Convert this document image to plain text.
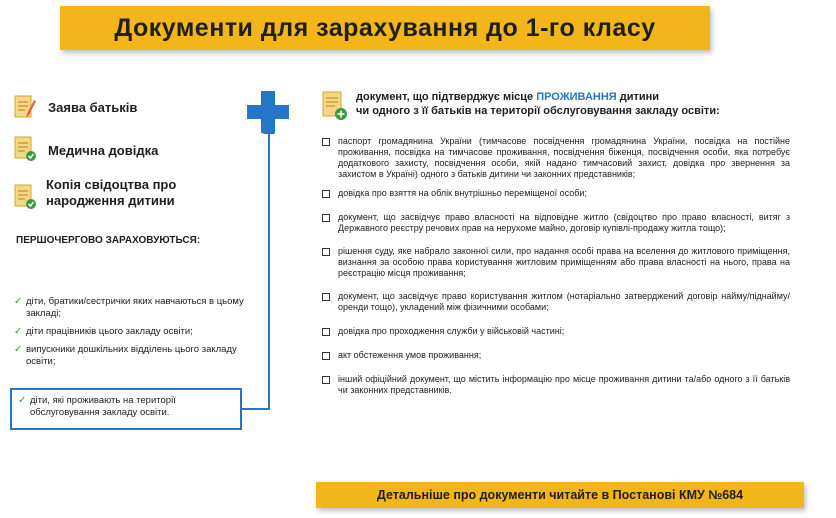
Документи для зарахування до 1-го класу
Заява батьків
Медична довідка
Копія свідоцтва про народження дитини
ПЕРШОЧЕРГОВО ЗАРАХОВУЮТЬСЯ:
✓ діти, братики/сестрички яких навчаються в цьому закладі;
✓ діти працівників цього закладу освіти;
✓ випускники дошкільних відділень цього закладу освіти;
✓ діти, які проживають на території обслуговування закладу освіти.
документ, що підтверджує місце ПРОЖИВАННЯ дитини
чи одного з її батьків на території обслуговування закладу освіти:
паспорт громадянина України (тимчасове посвідчення громадянина України, посвідка на постійне проживання, посвідка на тимчасове проживання, посвідчення біженця, посвідчення особи, яка потребує додаткового захисту, посвідчення особи, якій надано тимчасовий захист, довідка про звернення за захистом в Україні) одного з батьків дитини чи законних представників;
довідка про взяття на облік внутрішньо переміщеної особи;
документ, що засвідчує право власності на відповідне житло (свідоцтво про право власності, витяг з Державного реєстру речових прав на нерухоме майно, договір купівлі-продажу житла тощо);
рішення суду, яке набрало законної сили, про надання особі права на вселення до житлового приміщення, визнання за особою права користування житловим приміщенням або права власності на нього, права на реєстрацію місця проживання;
документ, що засвідчує право користування житлом (нотаріально затверджений договір найму/піднайму/оренди тощо), укладений між фізичними особами;
довідка про проходження служби у військовій частині;
акт обстеження умов проживання;
інший офіційний документ, що містить інформацію про місце проживання дитини та/або одного з її батьків чи законних представників.
Детальніше про документи читайте в Постанові КМУ №684
